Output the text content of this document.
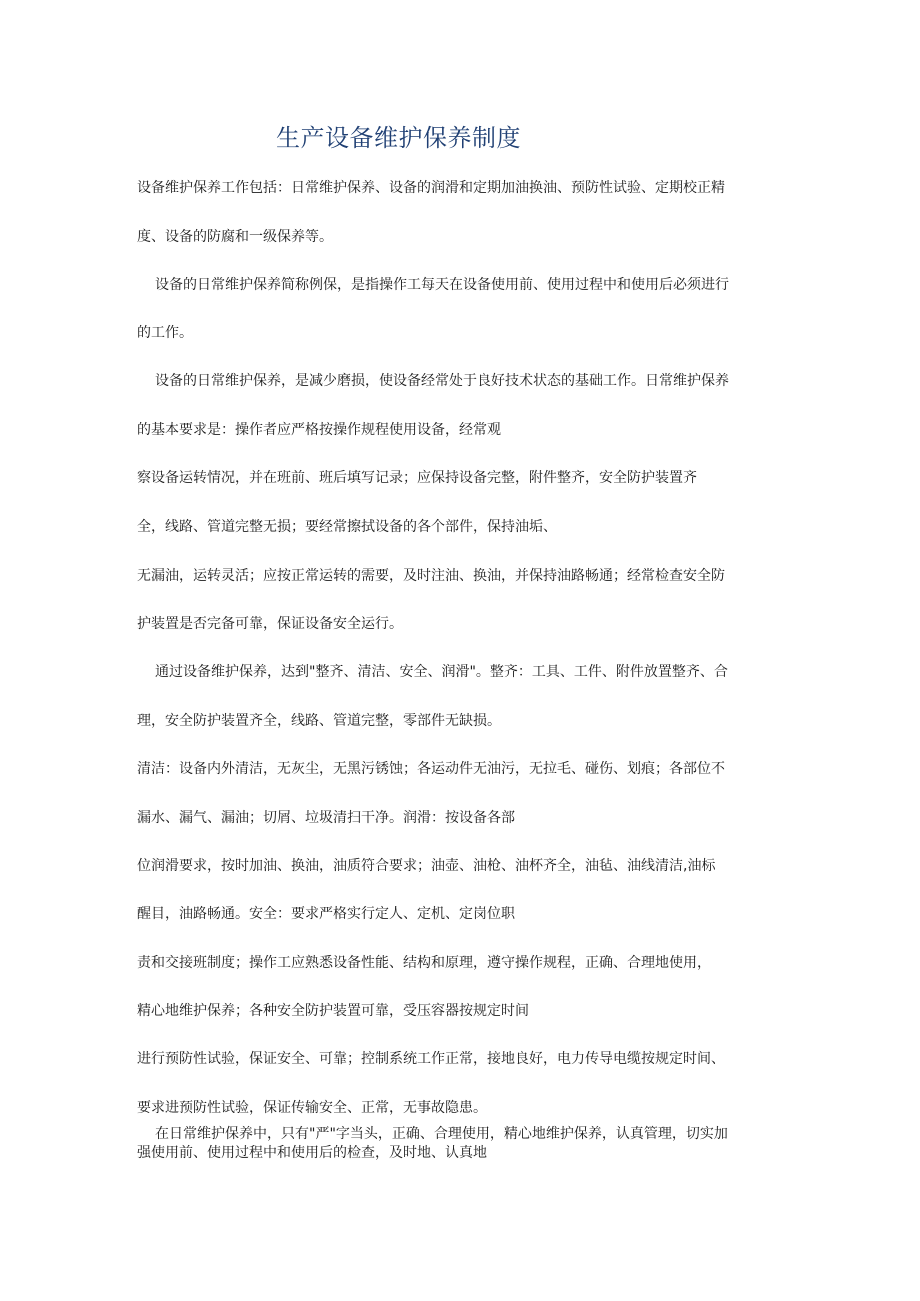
生产设备维护保养制度
设备维护保养工作包括：日常维护保养、设备的润滑和定期加油换油、预防性试验、定期校正精
度、设备的防腐和一级保养等。
设备的日常维护保养简称例保，是指操作工每天在设备使用前、使用过程中和使用后必须进行
的工作。
设备的日常维护保养，是减少磨损，使设备经常处于良好技术状态的基础工作。日常维护保养
的基本要求是：操作者应严格按操作规程使用设备，经常观
察设备运转情况，并在班前、班后填写记录；应保持设备完整，附件整齐，安全防护装置齐
全，线路、管道完整无损；要经常擦拭设备的各个部件，保持油垢、
无漏油，运转灵活；应按正常运转的需要，及时注油、换油，并保持油路畅通；经常检查安全防
护装置是否完备可靠，保证设备安全运行。
通过设备维护保养，达到"整齐、清洁、安全、润滑"。整齐：工具、工件、附件放置整齐、合
理，安全防护装置齐全，线路、管道完整，零部件无缺损。
清洁：设备内外清洁，无灰尘，无黑污锈蚀；各运动件无油污，无拉毛、碰伤、划痕；各部位不
漏水、漏气、漏油；切屑、垃圾清扫干净。润滑：按设备各部
位润滑要求，按时加油、换油，油质符合要求；油壶、油枪、油杯齐全，油毡、油线清洁,油标
醒目，油路畅通。安全：要求严格实行定人、定机、定岗位职
责和交接班制度；操作工应熟悉设备性能、结构和原理，遵守操作规程，正确、合理地使用，
精心地维护保养；各种安全防护装置可靠，受压容器按规定时间
进行预防性试验，保证安全、可靠；控制系统工作正常，接地良好，电力传导电缆按规定时间、
要求进预防性试验，保证传输安全、正常，无事故隐患。
在日常维护保养中，只有"严"字当头，正确、合理使用，精心地维护保养，认真管理，切实加
强使用前、使用过程中和使用后的检查，及时地、认真地
